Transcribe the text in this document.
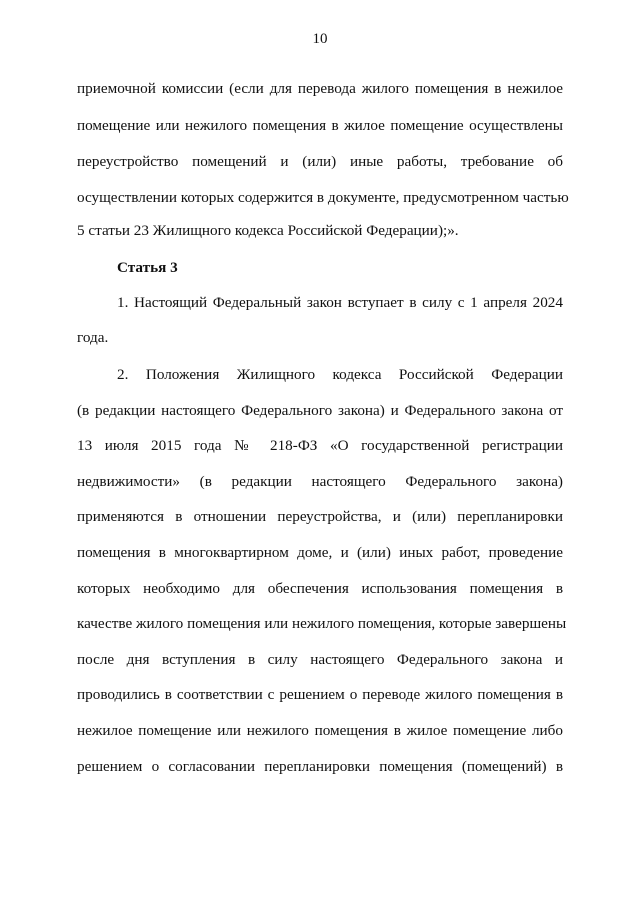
10
приемочной комиссии (если для перевода жилого помещения в нежилое
помещение или нежилого помещения в жилое помещение осуществлены
переустройство помещений и (или) иные работы, требование об
осуществлении которых содержится в документе, предусмотренном частью
5 статьи 23 Жилищного кодекса Российской Федерации);».
Статья 3
1. Настоящий Федеральный закон вступает в силу с 1 апреля 2024
года.
2. Положения Жилищного кодекса Российской Федерации
(в редакции настоящего Федерального закона) и Федерального закона от
13 июля 2015 года № 218-ФЗ «О государственной регистрации
недвижимости» (в редакции настоящего Федерального закона)
применяются в отношении переустройства, и (или) перепланировки
помещения в многоквартирном доме, и (или) иных работ, проведение
которых необходимо для обеспечения использования помещения в
качестве жилого помещения или нежилого помещения, которые завершены
после дня вступления в силу настоящего Федерального закона и
проводились в соответствии с решением о переводе жилого помещения в
нежилое помещение или нежилого помещения в жилое помещение либо
решением о согласовании перепланировки помещения (помещений) в
